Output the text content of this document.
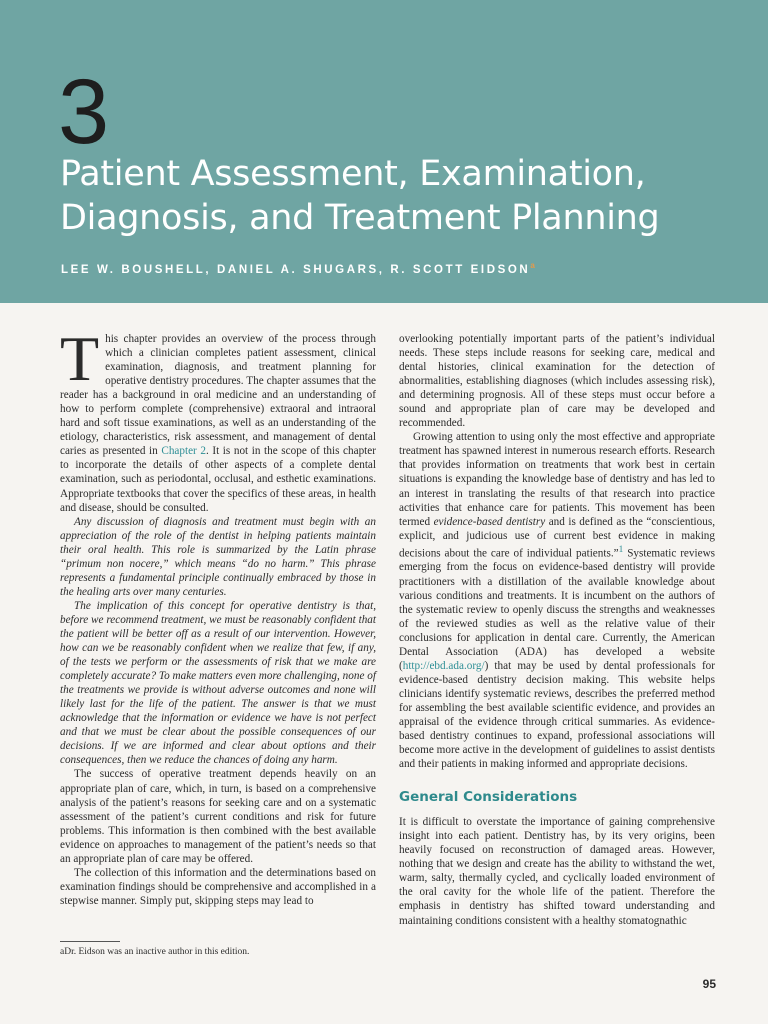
3
Patient Assessment, Examination, Diagnosis, and Treatment Planning
LEE W. BOUSHELL, DANIEL A. SHUGARS, R. SCOTT EIDSON$^a$

This chapter provides an overview of the process through which a clinician completes patient assessment, clinical examination, diagnosis, and treatment planning for operative dentistry procedures. The chapter assumes that the reader has a background in oral medicine and an understanding of how to perform complete (comprehensive) extraoral and intraoral hard and soft tissue examinations, as well as an understanding of the etiology, characteristics, risk assessment, and management of dental caries as presented in Chapter 2. It is not in the scope of this chapter to incorporate the details of other aspects of a complete dental examination, such as periodontal, occlusal, and esthetic examinations. Appropriate textbooks that cover the specifics of these areas, in health and disease, should be consulted.

Any discussion of diagnosis and treatment must begin with an appreciation of the role of the dentist in helping patients maintain their oral health. This role is summarized by the Latin phrase “primum non nocere,” which means “do no harm.” This phrase represents a fundamental principle continually embraced by those in the healing arts over many centuries.

The implication of this concept for operative dentistry is that, before we recommend treatment, we must be reasonably confident that the patient will be better off as a result of our intervention. However, how can we be reasonably confident when we realize that few, if any, of the tests we perform or the assessments of risk that we make are completely accurate? To make matters even more challenging, none of the treatments we provide is without adverse outcomes and none will likely last for the life of the patient. The answer is that we must acknowledge that the information or evidence we have is not perfect and that we must be clear about the possible consequences of our decisions. If we are informed and clear about options and their consequences, then we reduce the chances of doing any harm.

The success of operative treatment depends heavily on an appropriate plan of care, which, in turn, is based on a comprehensive analysis of the patient’s reasons for seeking care and on a systematic assessment of the patient’s current conditions and risk for future problems. This information is then combined with the best available evidence on approaches to management of the patient’s needs so that an appropriate plan of care may be offered.

The collection of this information and the determinations based on examination findings should be comprehensive and accomplished in a stepwise manner. Simply put, skipping steps may lead to

overlooking potentially important parts of the patient’s individual needs. These steps include reasons for seeking care, medical and dental histories, clinical examination for the detection of abnormalities, establishing diagnoses (which includes assessing risk), and determining prognosis. All of these steps must occur before a sound and appropriate plan of care may be developed and recommended.

Growing attention to using only the most effective and appropriate treatment has spawned interest in numerous research efforts. Research that provides information on treatments that work best in certain situations is expanding the knowledge base of dentistry and has led to an interest in translating the results of that research into practice activities that enhance care for patients. This movement has been termed evidence-based dentistry and is defined as the “conscientious, explicit, and judicious use of current best evidence in making decisions about the care of individual patients.”$^1$ Systematic reviews emerging from the focus on evidence-based dentistry will provide practitioners with a distillation of the available knowledge about various conditions and treatments. It is incumbent on the authors of the systematic review to openly discuss the strengths and weaknesses of the reviewed studies as well as the relative value of their conclusions for application in dental care. Currently, the American Dental Association (ADA) has developed a website (http://ebd.ada.org/) that may be used by dental professionals for evidence-based dentistry decision making. This website helps clinicians identify systematic reviews, describes the preferred method for assembling the best available scientific evidence, and provides an appraisal of the evidence through critical summaries. As evidence-based dentistry continues to expand, professional associations will become more active in the development of guidelines to assist dentists and their patients in making informed and appropriate decisions.

General Considerations

It is difficult to overstate the importance of gaining comprehensive insight into each patient. Dentistry has, by its very origins, been heavily focused on reconstruction of damaged areas. However, nothing that we design and create has the ability to withstand the wet, warm, salty, thermally cycled, and cyclically loaded environment of the oral cavity for the whole life of the patient. Therefore the emphasis in dentistry has shifted toward understanding and maintaining conditions consistent with a healthy stomatognathic

aDr. Eidson was an inactive author in this edition.
95
